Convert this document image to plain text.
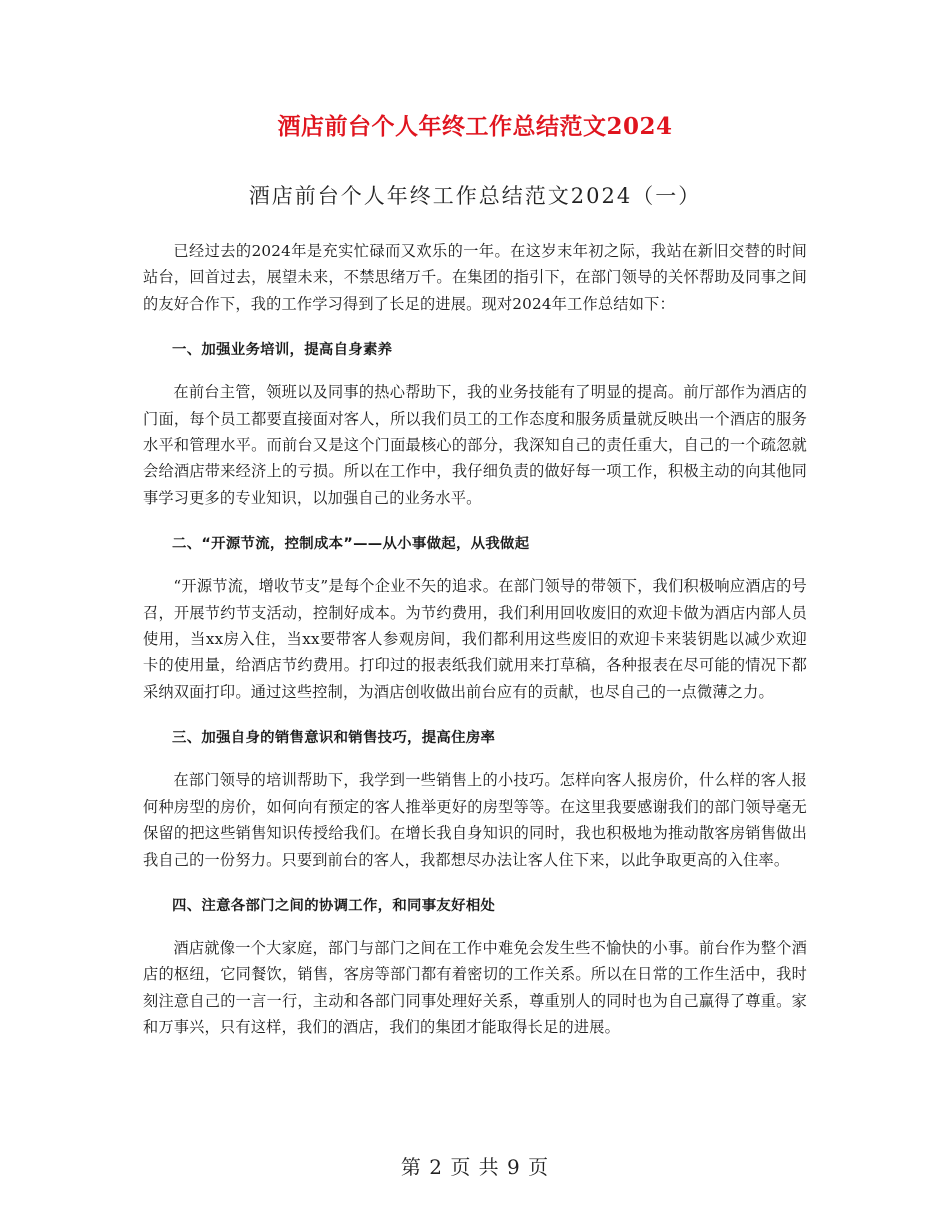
酒店前台个人年终工作总结范文2024
酒店前台个人年终工作总结范文2024（一）

已经过去的2024年是充实忙碌而又欢乐的一年。在这岁末年初之际，我站在新旧交替的时间站台，回首过去，展望未来，不禁思绪万千。在集团的指引下，在部门领导的关怀帮助及同事之间的友好合作下，我的工作学习得到了长足的进展。现对2024年工作总结如下：

一、加强业务培训，提高自身素养

在前台主管，领班以及同事的热心帮助下，我的业务技能有了明显的提高。前厅部作为酒店的门面，每个员工都要直接面对客人，所以我们员工的工作态度和服务质量就反映出一个酒店的服务水平和管理水平。而前台又是这个门面最核心的部分，我深知自己的责任重大，自己的一个疏忽就会给酒店带来经济上的亏损。所以在工作中，我仔细负责的做好每一项工作，积极主动的向其他同事学习更多的专业知识，以加强自己的业务水平。

二、“开源节流，控制成本”——从小事做起，从我做起

“开源节流，增收节支”是每个企业不矢的追求。在部门领导的带领下，我们积极响应酒店的号召，开展节约节支活动，控制好成本。为节约费用，我们利用回收废旧的欢迎卡做为酒店内部人员使用，当xx房入住，当xx要带客人参观房间，我们都利用这些废旧的欢迎卡来装钥匙以减少欢迎卡的使用量，给酒店节约费用。打印过的报表纸我们就用来打草稿，各种报表在尽可能的情况下都采纳双面打印。通过这些控制，为酒店创收做出前台应有的贡献，也尽自己的一点微薄之力。

三、加强自身的销售意识和销售技巧，提高住房率

在部门领导的培训帮助下，我学到一些销售上的小技巧。怎样向客人报房价，什么样的客人报何种房型的房价，如何向有预定的客人推举更好的房型等等。在这里我要感谢我们的部门领导毫无保留的把这些销售知识传授给我们。在增长我自身知识的同时，我也积极地为推动散客房销售做出我自己的一份努力。只要到前台的客人，我都想尽办法让客人住下来，以此争取更高的入住率。

四、注意各部门之间的协调工作，和同事友好相处

酒店就像一个大家庭，部门与部门之间在工作中难免会发生些不愉快的小事。前台作为整个酒店的枢纽，它同餐饮，销售，客房等部门都有着密切的工作关系。所以在日常的工作生活中，我时刻注意自己的一言一行，主动和各部门同事处理好关系，尊重别人的同时也为自己赢得了尊重。家和万事兴，只有这样，我们的酒店，我们的集团才能取得长足的进展。

第 2 页 共 9 页
